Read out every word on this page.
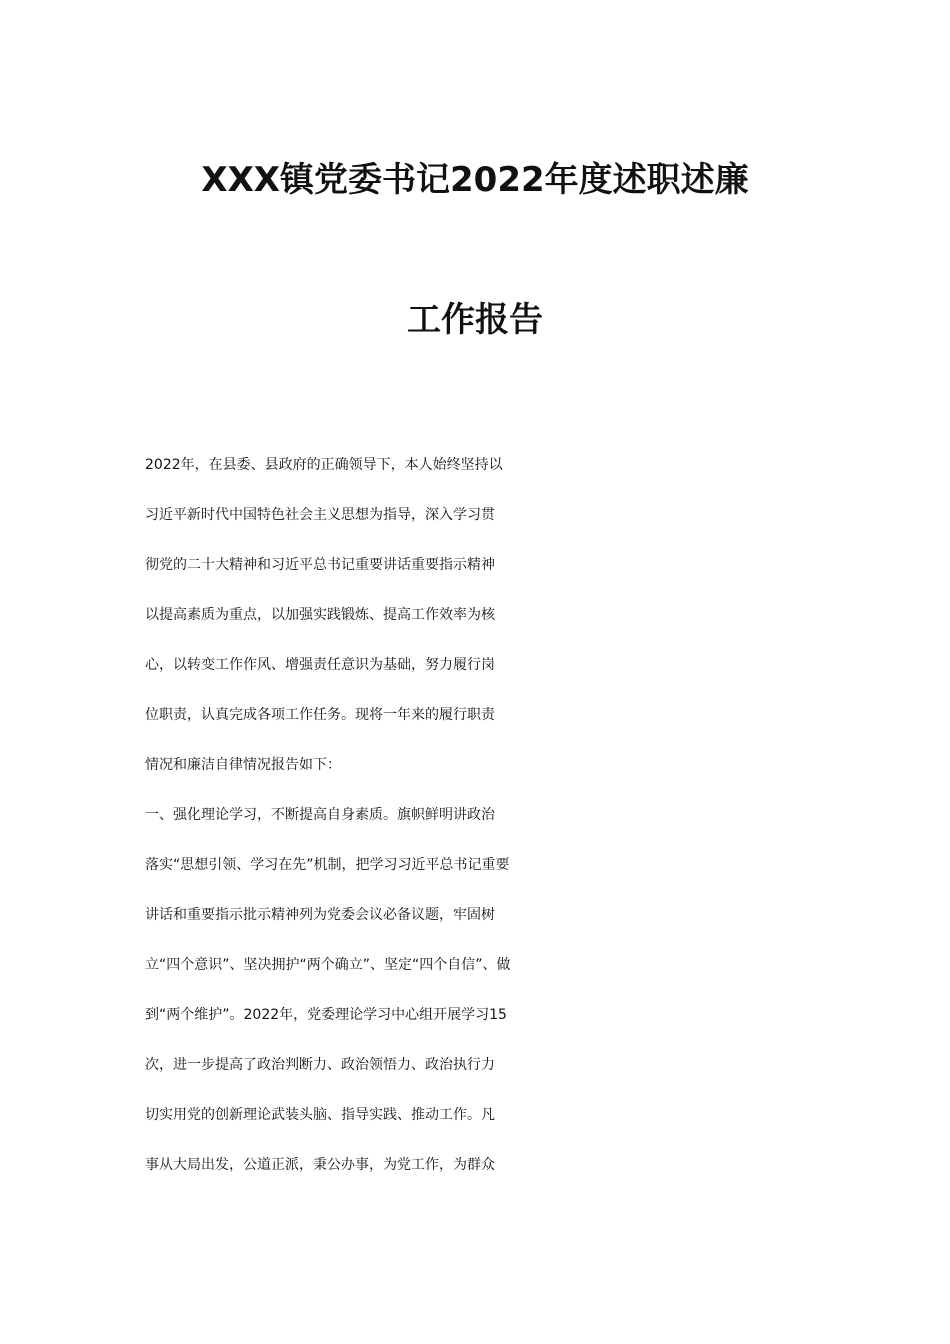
XXX镇党委书记2022年度述职述廉
工作报告
2022年，在县委、县政府的正确领导下，本人始终坚持以
习近平新时代中国特色社会主义思想为指导，深入学习贯
彻党的二十大精神和习近平总书记重要讲话重要指示精神
以提高素质为重点，以加强实践锻炼、提高工作效率为核
心，以转变工作作风、增强责任意识为基础，努力履行岗
位职责，认真完成各项工作任务。现将一年来的履行职责
情况和廉洁自律情况报告如下：
一、强化理论学习，不断提高自身素质。旗帜鲜明讲政治
落实“思想引领、学习在先”机制，把学习习近平总书记重要
讲话和重要指示批示精神列为党委会议必备议题，牢固树
立“四个意识”、坚决拥护“两个确立”、坚定“四个自信”、做
到“两个维护”。2022年，党委理论学习中心组开展学习15
次，进一步提高了政治判断力、政治领悟力、政治执行力
切实用党的创新理论武装头脑、指导实践、推动工作。凡
事从大局出发，公道正派，秉公办事，为党工作，为群众
